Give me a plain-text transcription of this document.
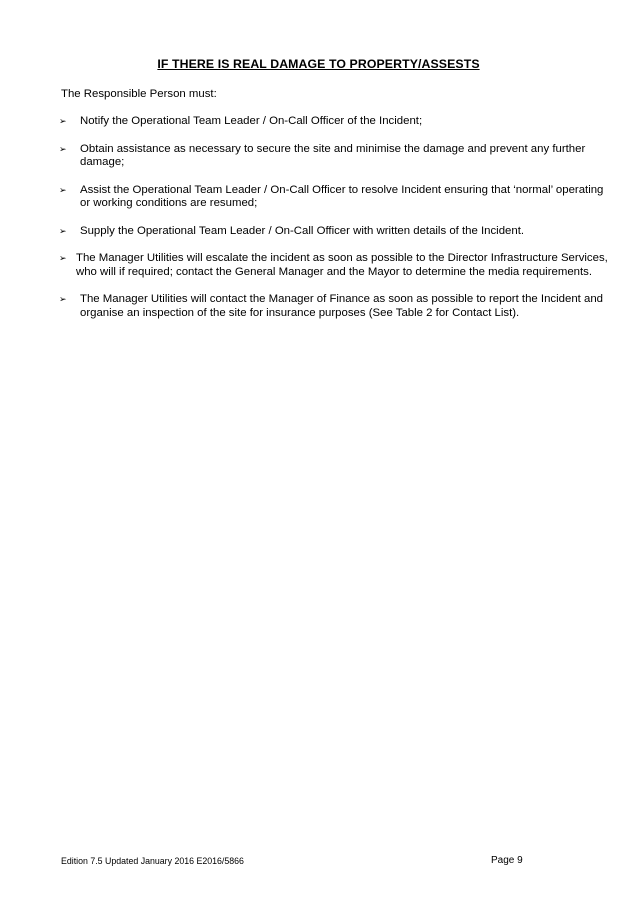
IF THERE IS REAL DAMAGE TO PROPERTY/ASSESTS
The Responsible Person must:
➢ Notify the Operational Team Leader / On-Call Officer of the Incident;
➢ Obtain assistance as necessary to secure the site and minimise the damage and prevent any further damage;
➢ Assist the Operational Team Leader / On-Call Officer to resolve Incident ensuring that ‘normal’ operating or working conditions are resumed;
➢ Supply the Operational Team Leader / On-Call Officer with written details of the Incident.
➢ The Manager Utilities will escalate the incident as soon as possible to the Director Infrastructure Services, who will if required; contact the General Manager and the Mayor to determine the media requirements.
➢ The Manager Utilities will contact the Manager of Finance as soon as possible to report the Incident and organise an inspection of the site for insurance purposes (See Table 2 for Contact List).
Edition 7.5 Updated January 2016 E2016/5866	Page 9
